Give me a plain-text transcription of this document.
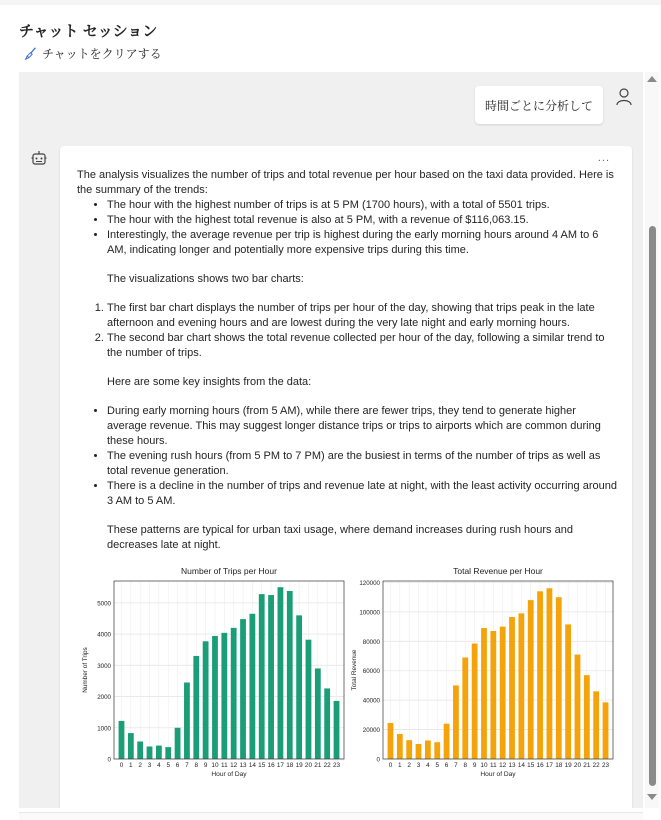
チャット セッション
チャットをクリアする
時間ごとに分析して
...

The analysis visualizes the number of trips and total revenue per hour based on the taxi data provided. Here is the summary of the trends:

• The hour with the highest number of trips is at 5 PM (1700 hours), with a total of 5501 trips.
• The hour with the highest total revenue is also at 5 PM, with a revenue of $116,063.15.
• Interestingly, the average revenue per trip is highest during the early morning hours around 4 AM to 6 AM, indicating longer and potentially more expensive trips during this time.

The visualizations shows two bar charts:

1. The first bar chart displays the number of trips per hour of the day, showing that trips peak in the late afternoon and evening hours and are lowest during the very late night and early morning hours.
2. The second bar chart shows the total revenue collected per hour of the day, following a similar trend to the number of trips.

Here are some key insights from the data:

• During early morning hours (from 5 AM), while there are fewer trips, they tend to generate higher average revenue. This may suggest longer distance trips or trips to airports which are common during these hours.
• The evening rush hours (from 5 PM to 7 PM) are the busiest in terms of the number of trips as well as total revenue generation.
• There is a decline in the number of trips and revenue late at night, with the least activity occurring around 3 AM to 5 AM.

These patterns are typical for urban taxi usage, where demand increases during rush hours and decreases late at night.

Number of Trips per Hour
0
1000
2000
3000
4000
5000
0 1 2 3 4 5 6 7 8 9 10 11 12 13 14 15 16 17 18 19 20 21 22 23
Hour of Day
Number of Trips
Total Revenue per Hour
0
20000
40000
60000
80000
100000
120000
0 1 2 3 4 5 6 7 8 9 10 11 12 13 14 15 16 17 18 19 20 21 22 23
Hour of Day
Total Revenue
